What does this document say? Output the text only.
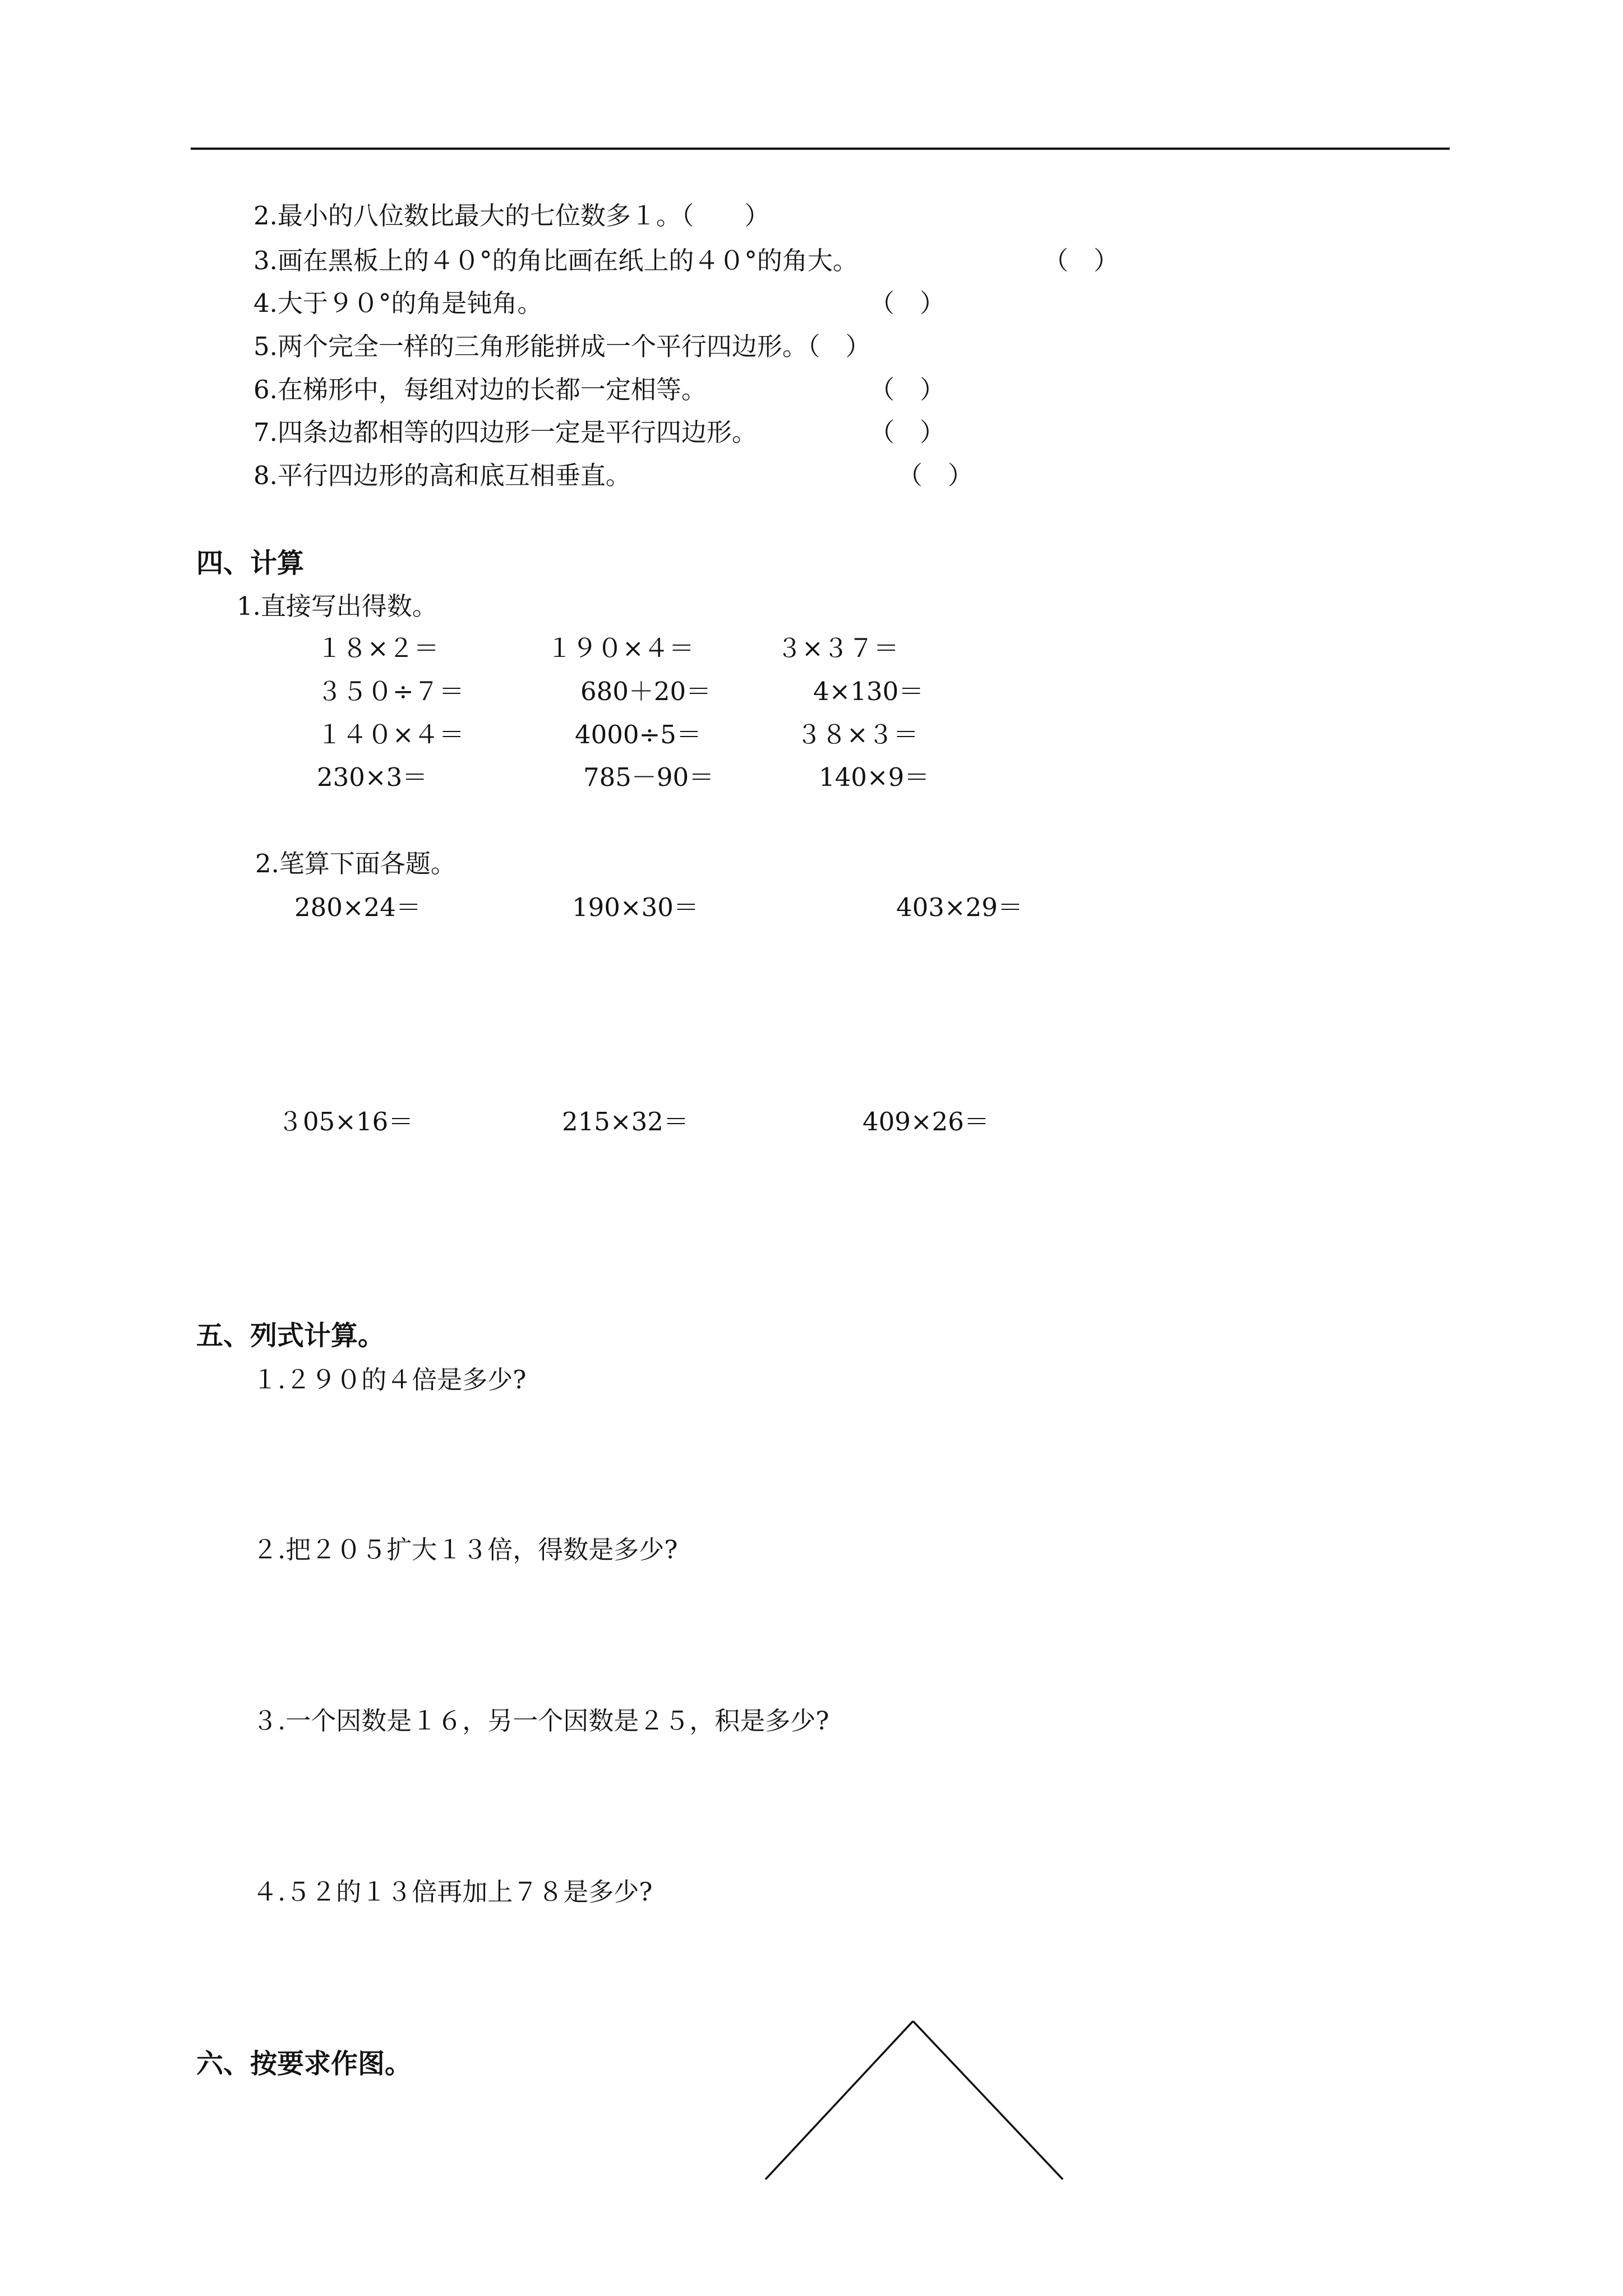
2.最小的八位数比最大的七位数多１。（　　）
3.画在黑板上的４０°的角比画在纸上的４０°的角大。	（　）
4.大于９０°的角是钝角。	（　）
5.两个完全一样的三角形能拼成一个平行四边形。（　）
6.在梯形中，每组对边的长都一定相等。	（　）
7.四条边都相等的四边形一定是平行四边形。	（　）
8.平行四边形的高和底互相垂直。	（　）
四、计算
1.直接写出得数。
１８×２＝	１９０×４＝	３×３７＝
３５０÷７＝	680＋20＝	4×130＝
１４０×４＝	4000÷5＝	３８×３＝
230×3＝	785－90＝	140×9＝
2.笔算下面各题。
280×24＝	190×30＝	403×29＝
３05×16＝	215×32＝	409×26＝
五、列式计算。
１.２９０的４倍是多少?
２.把２０５扩大１３倍，得数是多少?
３.一个因数是１６，另一个因数是２５，积是多少?
４.５２的１３倍再加上７８是多少?
六、按要求作图。
